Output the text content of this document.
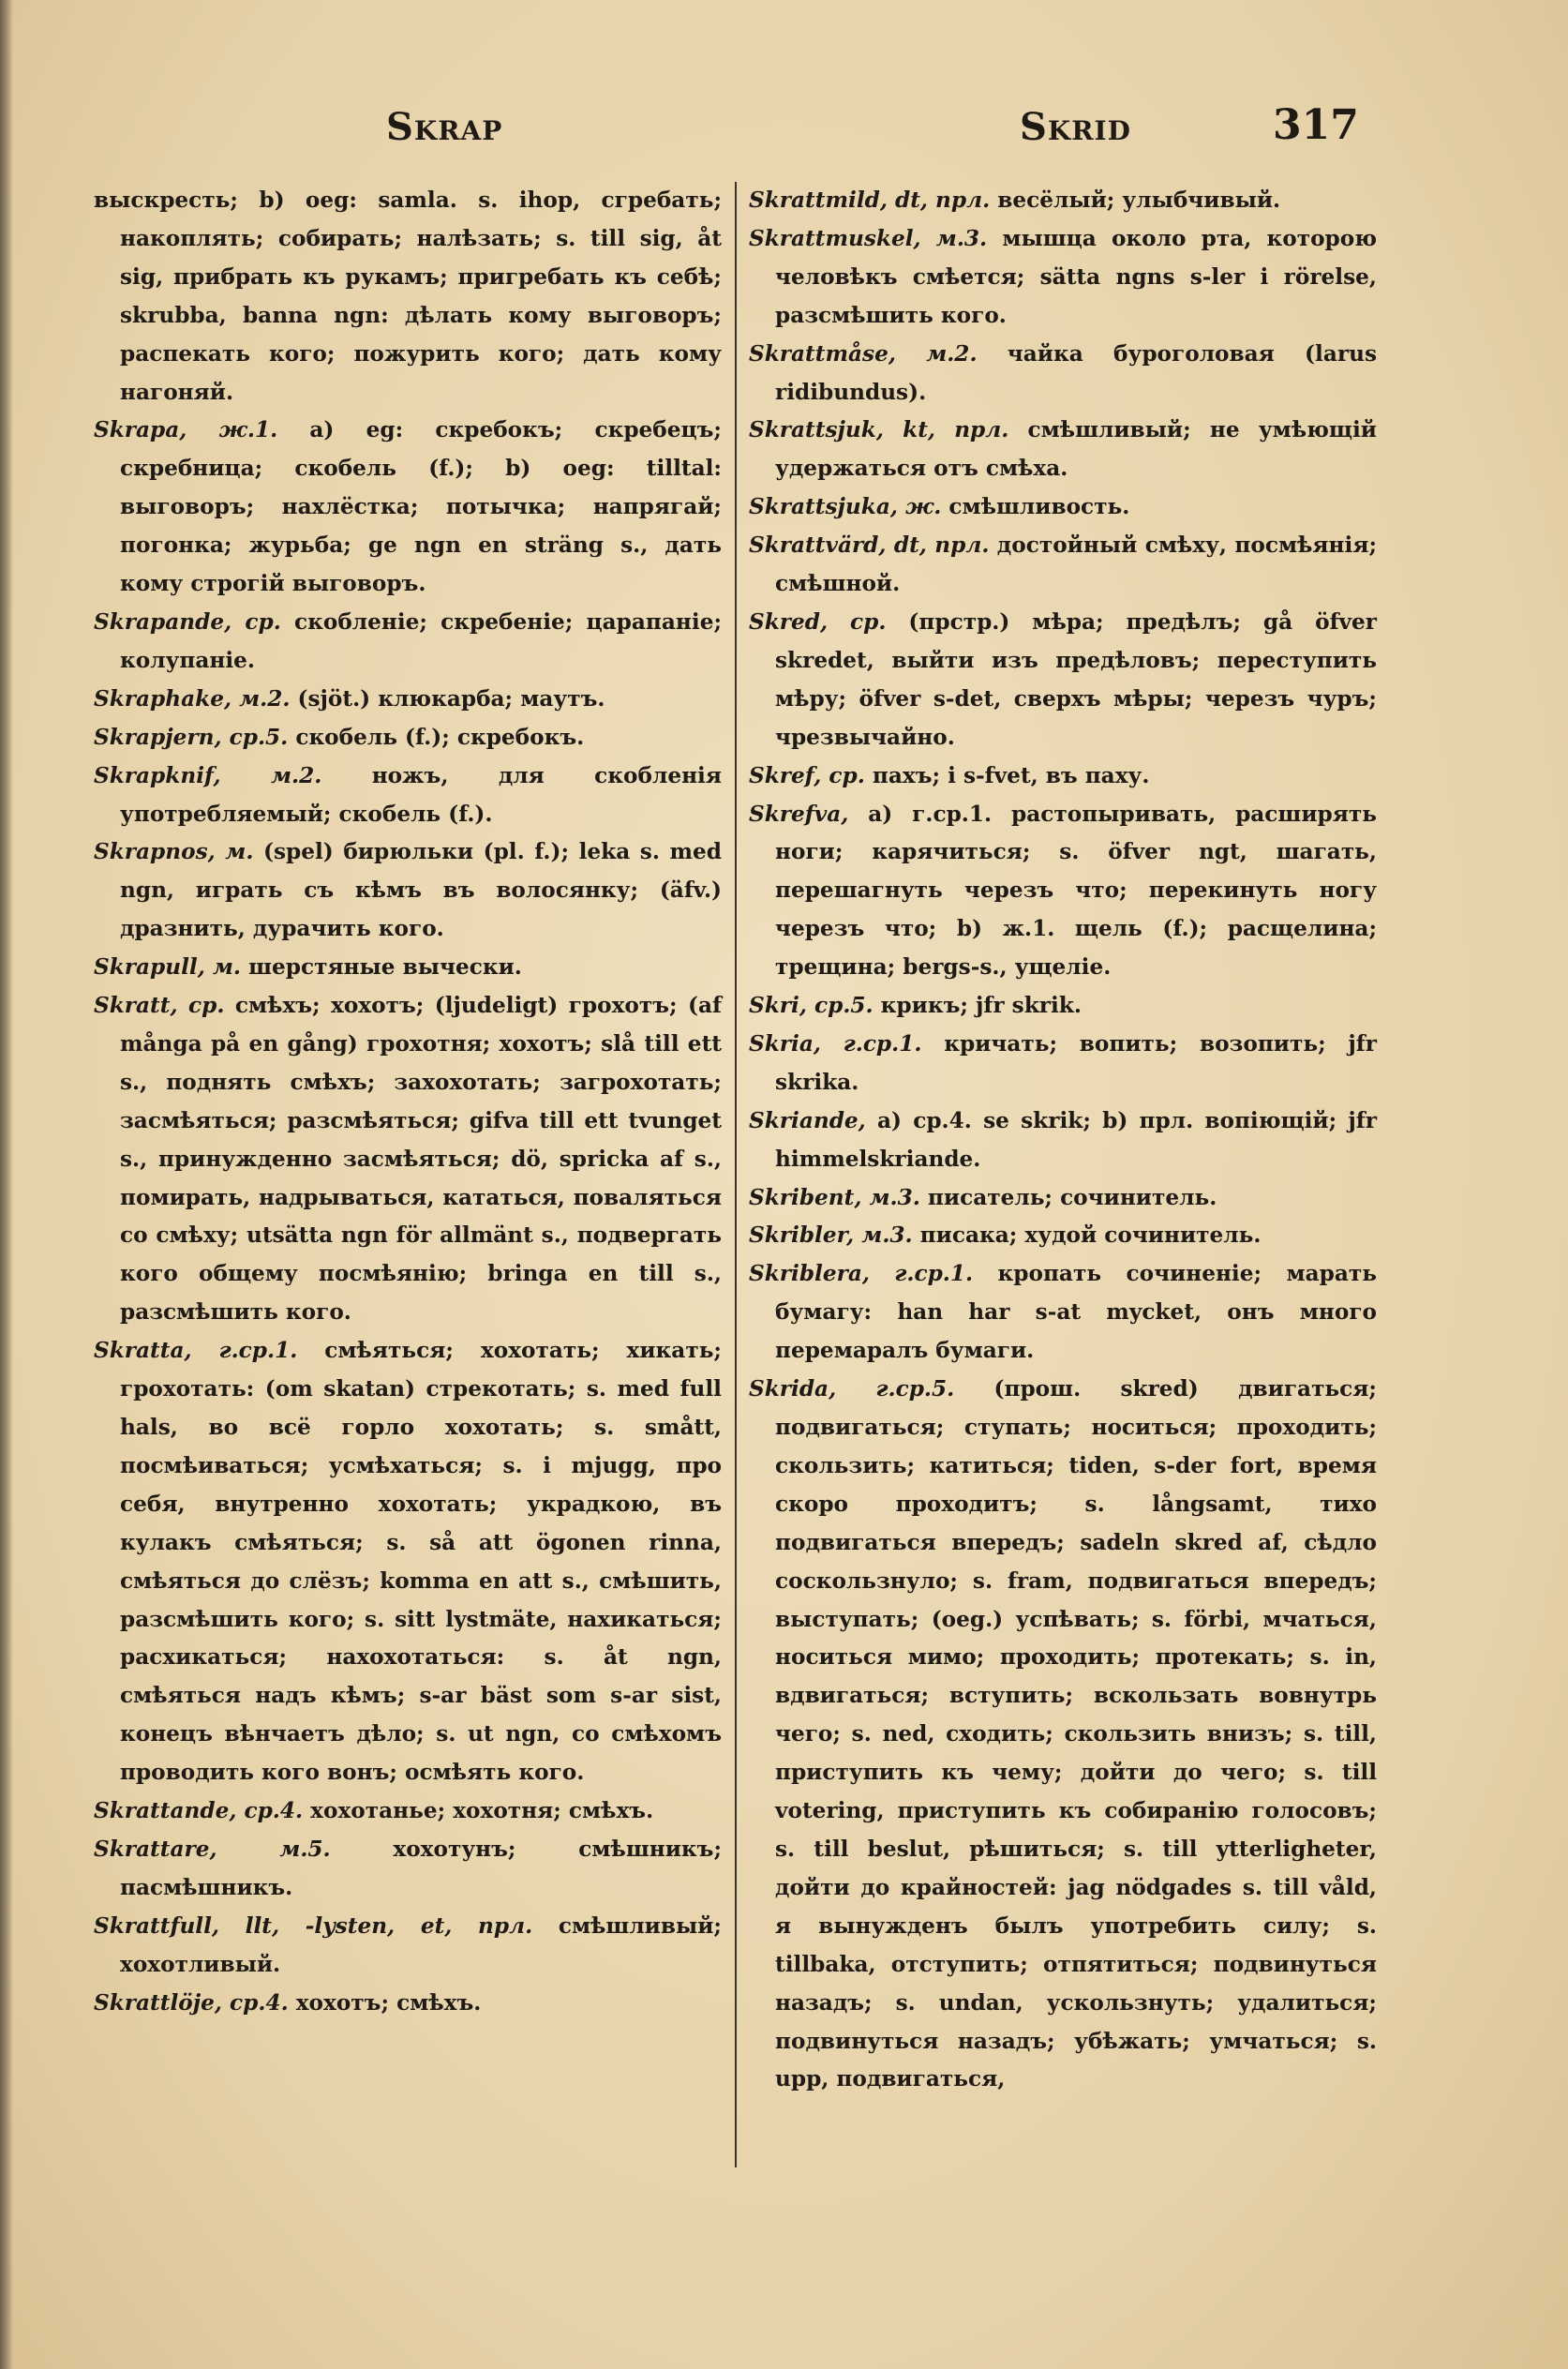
Skrap	Skrid	317

выскресть; b) oeg: samla. s. ihop, сгребать; накоплять; собирать; налѣзать; s. till sig, åt sig, прибрать къ рукамъ; пригребать къ себѣ; skrubba, banna ngn: дѣлать кому выговоръ; распекать кого; пожурить кого; дать кому нагоняй.

Skrapa, ж.1. a) eg: скребокъ; скребецъ; скребница; скобель (f.); b) oeg: tilltal: выговоръ; нахлёстка; потычка; напрягай; погонка; журьба; ge ngn en sträng s., дать кому строгій выговоръ.

Skrapande, ср. скобленіе; скребеніе; царапаніе; колупаніе.

Skraphake, м.2. (sjöt.) клюкарба; маутъ.

Skrapjern, ср.5. скобель (f.); скребокъ.

Skrapknif, м.2. ножъ, для скобленія употребляемый; скобель (f.).

Skrapnos, м. (spel) бирюльки (pl. f.); leka s. med ngn, играть съ кѣмъ въ волосянку; (äfv.) дразнить, дурачить кого.

Skrapull, м. шерстяные вычески.

Skratt, ср. смѣхъ; хохотъ; (ljudeligt) грохотъ; (af många på en gång) грохотня; хохотъ; slå till ett s., поднять смѣхъ; захохотать; загрохотать; засмѣяться; разсмѣяться; gifva till ett tvunget s., принужденно засмѣяться; dö, spricka af s., помирать, надрываться, кататься, поваляться со смѣху; utsätta ngn för allmänt s., подвергать кого общему посмѣянію; bringa en till s., разсмѣшить кого.

Skratta, г.ср.1. смѣяться; хохотать; хикать; грохотать: (om skatan) стрекотать; s. med full hals, во всё горло хохотать; s. smått, посмѣиваться; усмѣхаться; s. i mjugg, про себя, внутренно хохотать; украдкою, въ кулакъ смѣяться; s. så att ögonen rinna, смѣяться до слёзъ; komma en att s., смѣшить, разсмѣшить кого; s. sitt lystmäte, нахикаться; расхикаться; нахохотаться: s. åt ngn, смѣяться надъ кѣмъ; s-ar bäst som s-ar sist, конецъ вѣнчаетъ дѣло; s. ut ngn, со смѣхомъ проводить кого вонъ; осмѣять кого.

Skrattande, ср.4. хохотанье; хохотня; смѣхъ.

Skrattare, м.5. хохотунъ; смѣшникъ; пасмѣшникъ.

Skrattfull, llt, -lysten, et, прл. смѣшливый; хохотливый.

Skrattlöje, ср.4. хохотъ; смѣхъ.

Skrattmild, dt, прл. весёлый; улыбчивый.

Skrattmuskel, м.3. мышца около рта, которою человѣкъ смѣется; sätta ngns s-ler i rörelse, разсмѣшить кого.

Skrattmåse, м.2. чайка буроголовая (larus ridibundus).

Skrattsjuk, kt, прл. смѣшливый; не умѣющій удержаться отъ смѣха.

Skrattsjuka, ж. смѣшливость.

Skrattvärd, dt, прл. достойный смѣху, посмѣянія; смѣшной.

Skred, ср. (прстр.) мѣра; предѣлъ; gå öfver skredet, выйти изъ предѣловъ; переступить мѣру; öfver s-det, сверхъ мѣры; черезъ чуръ; чрезвычайно.

Skref, ср. пахъ; i s-fvet, въ паху.

Skrefva, a) г.ср.1. растопыривать, расширять ноги; карячиться; s. öfver ngt, шагать, перешагнуть черезъ что; перекинуть ногу черезъ что; b) ж.1. щель (f.); расщелина; трещина; bergs-s., ущеліе.

Skri, ср.5. крикъ; jfr skrik.

Skria, г.ср.1. кричать; вопить; возопить; jfr skrika.

Skriande, a) ср.4. se skrik; b) прл. вопіющій; jfr himmelskriande.

Skribent, м.3. писатель; сочинитель.

Skribler, м.3. писака; худой сочинитель.

Skriblera, г.ср.1. кропать сочиненіе; марать бумагу: han har s-at mycket, онъ много перемаралъ бумаги.

Skrida, г.ср.5. (прош. skred) двигаться; подвигаться; ступать; носиться; проходить; скользить; катиться; tiden, s-der fort, время скоро проходитъ; s. långsamt, тихо подвигаться впередъ; sadeln skred af, сѣдло соскользнуло; s. fram, подвигаться впередъ; выступать; (oeg.) успѣвать; s. förbi, мчаться, носиться мимо; проходить; протекать; s. in, вдвигаться; вступить; вскользать вовнутрь чего; s. ned, сходить; скользить внизъ; s. till, приступить къ чему; дойти до чего; s. till votering, приступить къ собиранію голосовъ; s. till beslut, рѣшиться; s. till ytterligheter, дойти до крайностей: jag nödgades s. till våld, я вынужденъ былъ употребить силу; s. tillbaka, отступить; отпятиться; подвинуться назадъ; s. undan, ускользнуть; удалиться; подвинуться назадъ; убѣжать; умчаться; s. upp, подвигаться,
